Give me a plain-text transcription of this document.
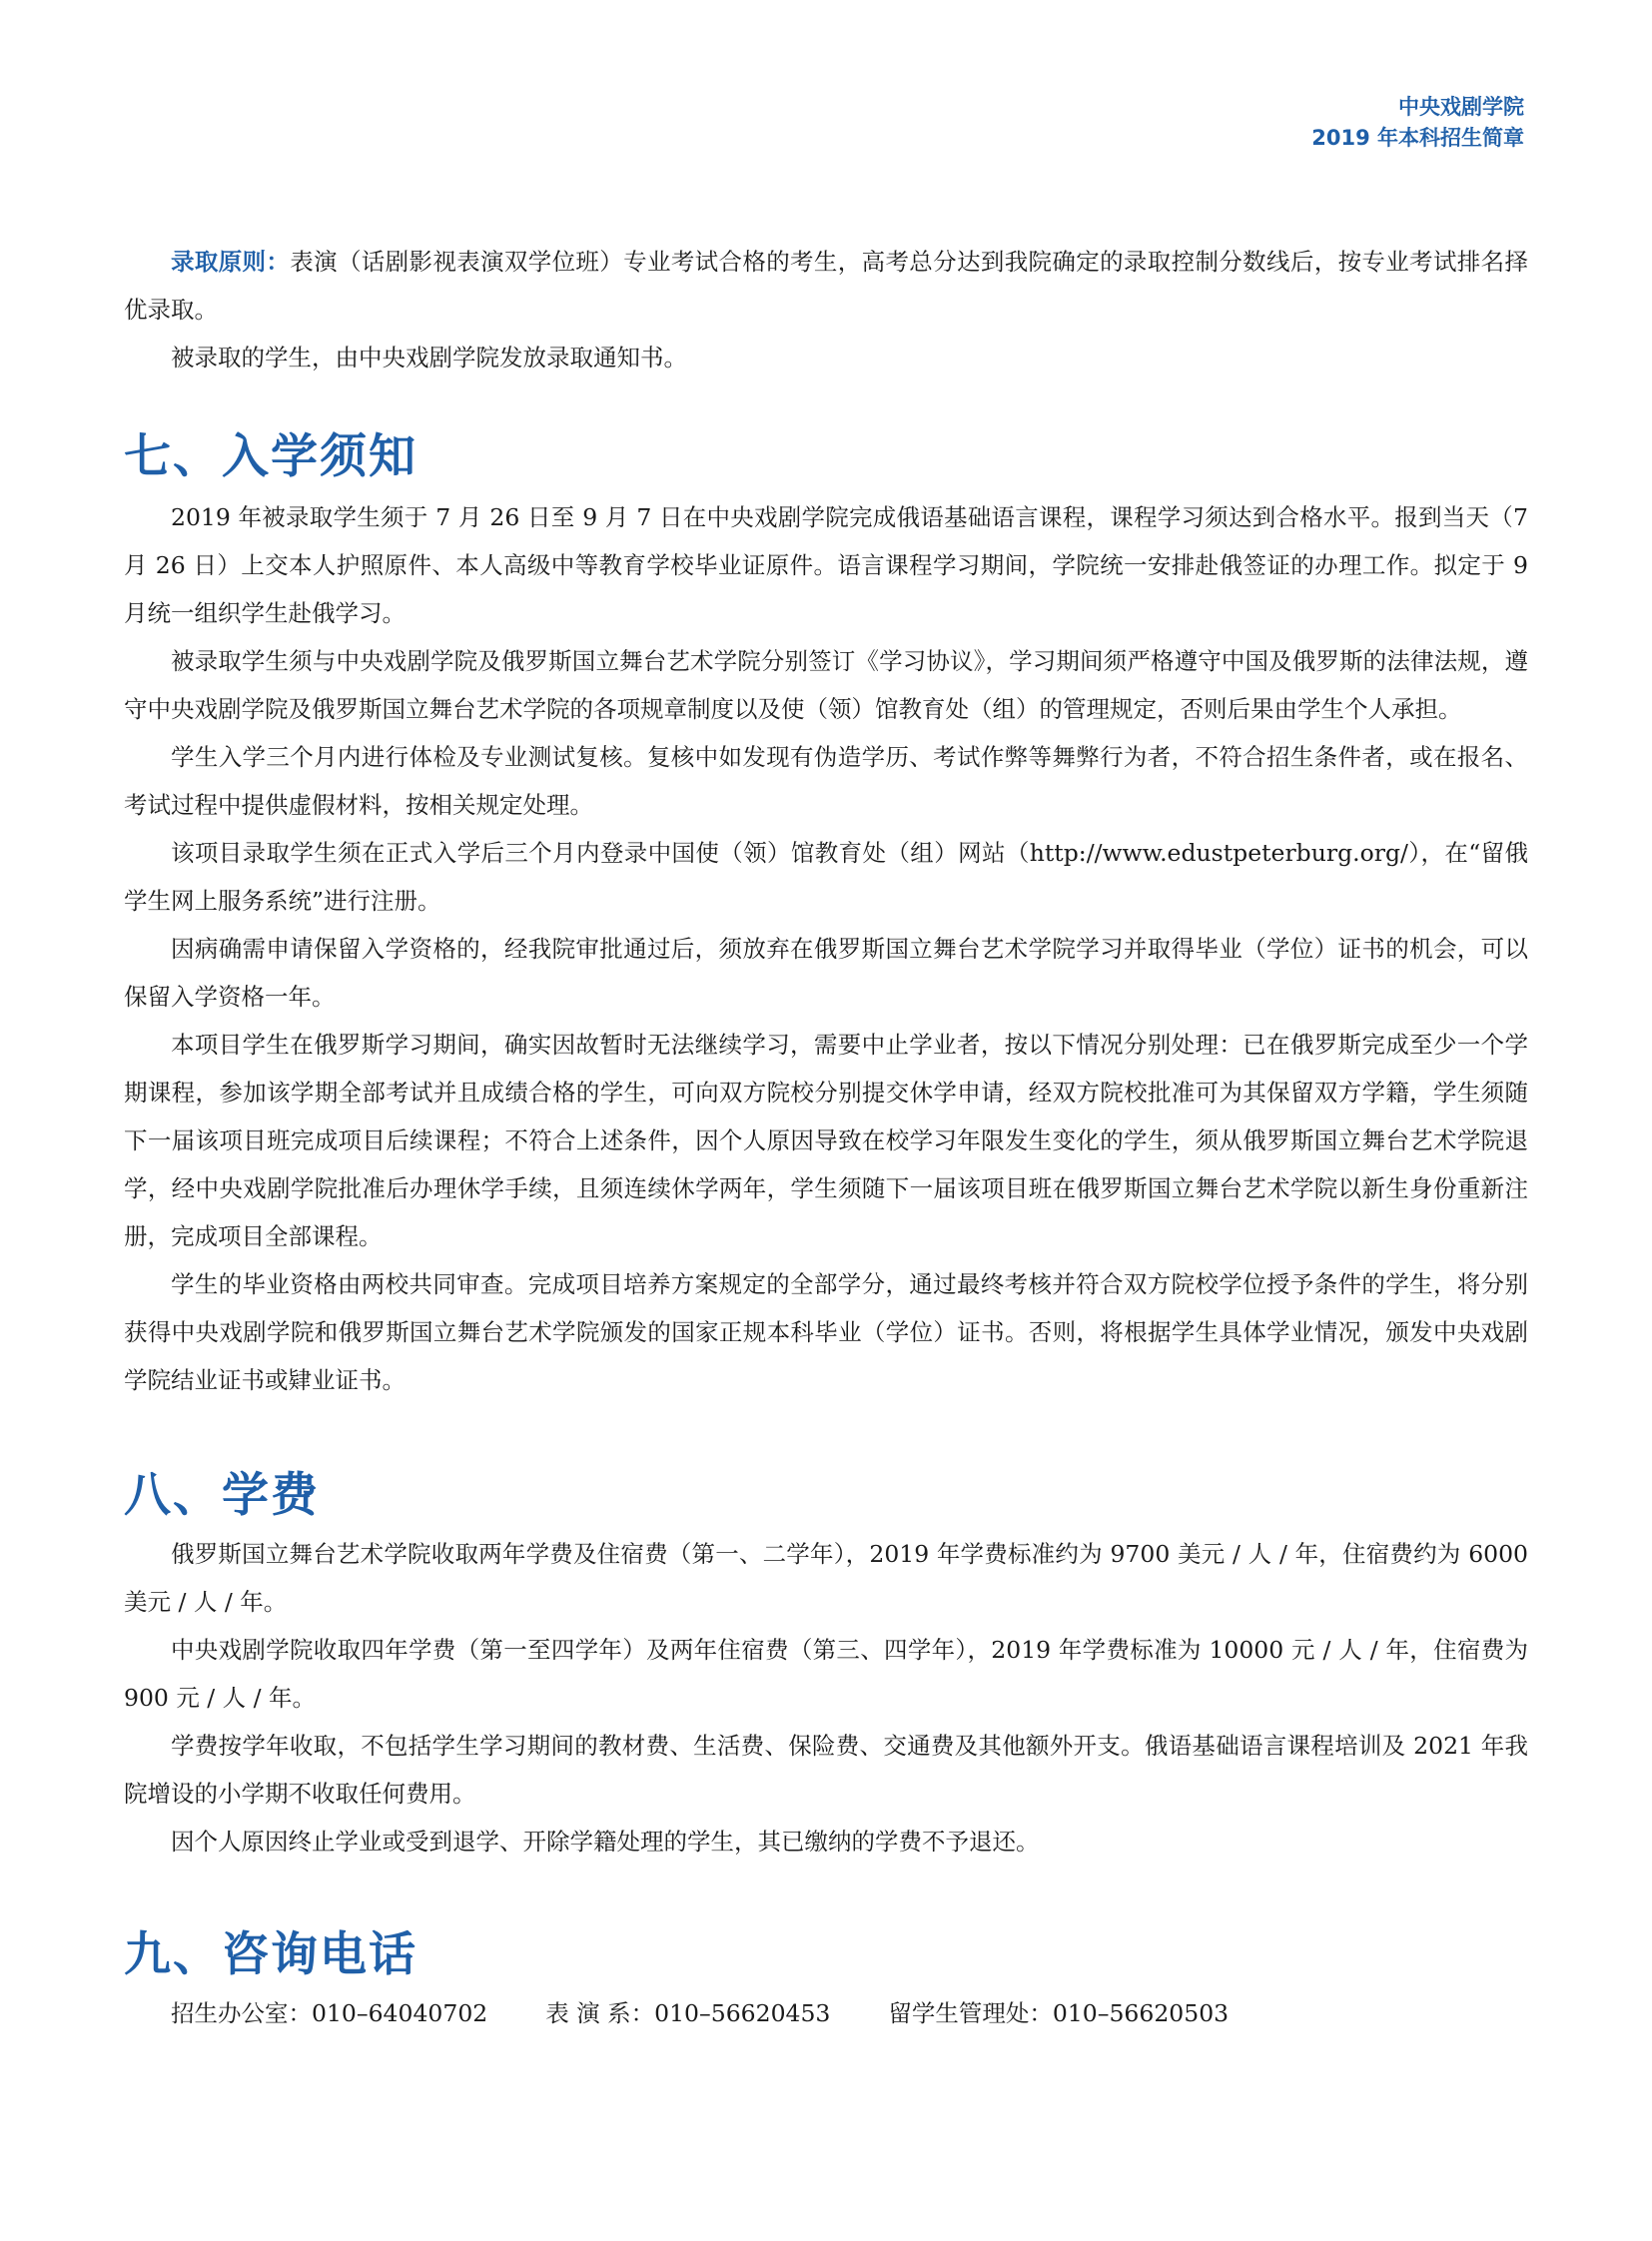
中央戏剧学院
2019 年本科招生简章

录取原则：表演（话剧影视表演双学位班）专业考试合格的考生，高考总分达到我院确定的录取控制分数线后，按专业考试排名择优录取。

被录取的学生，由中央戏剧学院发放录取通知书。

七、入学须知

2019 年被录取学生须于 7 月 26 日至 9 月 7 日在中央戏剧学院完成俄语基础语言课程，课程学习须达到合格水平。报到当天（7 月 26 日）上交本人护照原件、本人高级中等教育学校毕业证原件。语言课程学习期间，学院统一安排赴俄签证的办理工作。拟定于 9 月统一组织学生赴俄学习。

被录取学生须与中央戏剧学院及俄罗斯国立舞台艺术学院分别签订《学习协议》，学习期间须严格遵守中国及俄罗斯的法律法规，遵守中央戏剧学院及俄罗斯国立舞台艺术学院的各项规章制度以及使（领）馆教育处（组）的管理规定，否则后果由学生个人承担。

学生入学三个月内进行体检及专业测试复核。复核中如发现有伪造学历、考试作弊等舞弊行为者，不符合招生条件者，或在报名、考试过程中提供虚假材料，按相关规定处理。

该项目录取学生须在正式入学后三个月内登录中国使（领）馆教育处（组）网站（http://www.edustpeterburg.org/），在“留俄学生网上服务系统”进行注册。

因病确需申请保留入学资格的，经我院审批通过后，须放弃在俄罗斯国立舞台艺术学院学习并取得毕业（学位）证书的机会，可以保留入学资格一年。

本项目学生在俄罗斯学习期间，确实因故暂时无法继续学习，需要中止学业者，按以下情况分别处理：已在俄罗斯完成至少一个学期课程，参加该学期全部考试并且成绩合格的学生，可向双方院校分别提交休学申请，经双方院校批准可为其保留双方学籍，学生须随下一届该项目班完成项目后续课程；不符合上述条件，因个人原因导致在校学习年限发生变化的学生，须从俄罗斯国立舞台艺术学院退学，经中央戏剧学院批准后办理休学手续，且须连续休学两年，学生须随下一届该项目班在俄罗斯国立舞台艺术学院以新生身份重新注册，完成项目全部课程。

学生的毕业资格由两校共同审查。完成项目培养方案规定的全部学分，通过最终考核并符合双方院校学位授予条件的学生，将分别获得中央戏剧学院和俄罗斯国立舞台艺术学院颁发的国家正规本科毕业（学位）证书。否则，将根据学生具体学业情况，颁发中央戏剧学院结业证书或肄业证书。

八、学费

俄罗斯国立舞台艺术学院收取两年学费及住宿费（第一、二学年），2019 年学费标准约为 9700 美元 / 人 / 年，住宿费约为 6000 美元 / 人 / 年。

中央戏剧学院收取四年学费（第一至四学年）及两年住宿费（第三、四学年），2019 年学费标准为 10000 元 / 人 / 年，住宿费为 900 元 / 人 / 年。

学费按学年收取，不包括学生学习期间的教材费、生活费、保险费、交通费及其他额外开支。俄语基础语言课程培训及 2021 年我院增设的小学期不收取任何费用。

因个人原因终止学业或受到退学、开除学籍处理的学生，其已缴纳的学费不予退还。

九、咨询电话
招生办公室：010–64040702 表 演 系：010–56620453 留学生管理处：010–56620503
